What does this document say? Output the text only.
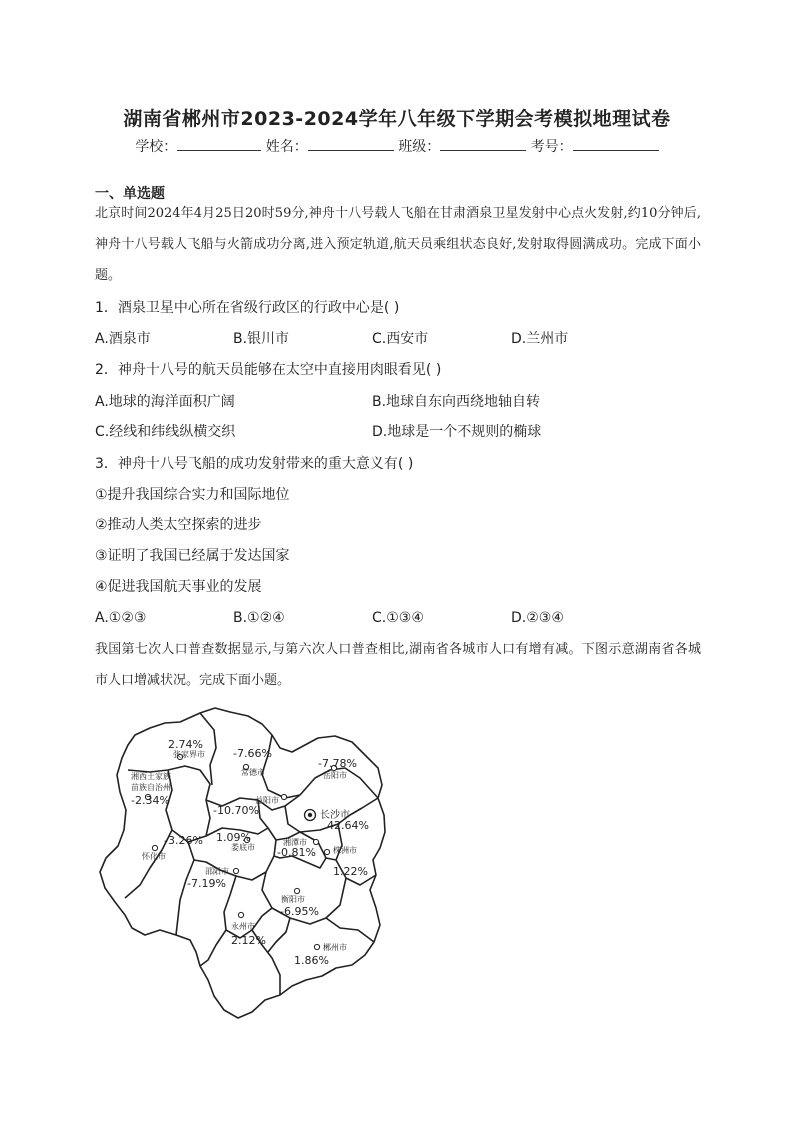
湖南省郴州市2023-2024学年八年级下学期会考模拟地理试卷
学校：	姓名：	班级：	考号：
一、单选题
北京时间2024年4月25日20时59分,神舟十八号载人飞船在甘肃酒泉卫星发射中心点火发射,约10分钟后,神舟十八号载人飞船与火箭成功分离,进入预定轨道,航天员乘组状态良好,发射取得圆满成功。完成下面小题。
1．酒泉卫星中心所在省级行政区的行政中心是( )
A.酒泉市	B.银川市	C.西安市	D.兰州市
2．神舟十八号的航天员能够在太空中直接用肉眼看见( )
A.地球的海洋面积广阔	B.地球自东向西绕地轴自转
C.经线和纬线纵横交织	D.地球是一个不规则的椭球
3．神舟十八号飞船的成功发射带来的重大意义有( )
①提升我国综合实力和国际地位
②推动人类太空探索的进步
③证明了我国已经属于发达国家
④促进我国航天事业的发展
A.①②③	B.①②④	C.①③④	D.②③④
我国第七次人口普查数据显示,与第六次人口普查相比,湖南省各城市人口有增有减。下图示意湖南省各城市人口增减状况。完成下面小题。
2.74%
张家界市	-7.66%
常德市
-7.78%
岳阳市
湘西土家族
苗族自治州
-2.34%	益阳市
-10.70%	长沙市
42.64%
-3.26%
怀化市
1.09%
娄底市
湘潭市
-0.81% 株洲市
1.22%
邵阳市
-7.19%
衡阳市
-6.95%
永州市
2.12%
郴州市
1.86%
